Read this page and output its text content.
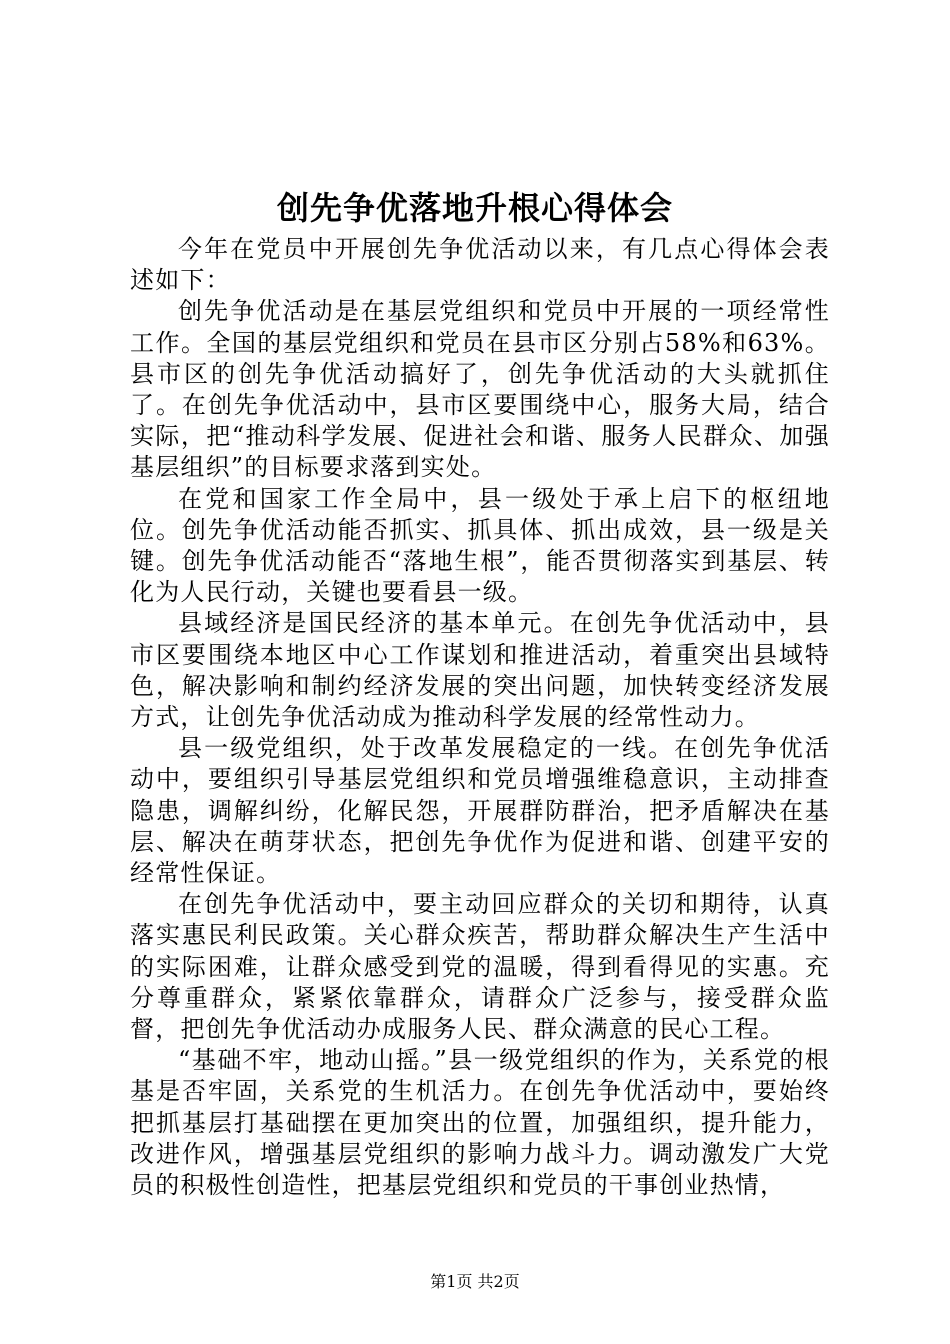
创先争优落地升根心得体会

今年在党员中开展创先争优活动以来，有几点心得体会表述如下：

创先争优活动是在基层党组织和党员中开展的一项经常性工作。全国的基层党组织和党员在县市区分别占58%和63%。县市区的创先争优活动搞好了，创先争优活动的大头就抓住了。在创先争优活动中，县市区要围绕中心，服务大局，结合实际，把“推动科学发展、促进社会和谐、服务人民群众、加强基层组织”的目标要求落到实处。

在党和国家工作全局中，县一级处于承上启下的枢纽地位。创先争优活动能否抓实、抓具体、抓出成效，县一级是关键。创先争优活动能否“落地生根”，能否贯彻落实到基层、转化为人民行动，关键也要看县一级。

县域经济是国民经济的基本单元。在创先争优活动中，县市区要围绕本地区中心工作谋划和推进活动，着重突出县域特色，解决影响和制约经济发展的突出问题，加快转变经济发展方式，让创先争优活动成为推动科学发展的经常性动力。

县一级党组织，处于改革发展稳定的一线。在创先争优活动中，要组织引导基层党组织和党员增强维稳意识，主动排查隐患，调解纠纷，化解民怨，开展群防群治，把矛盾解决在基层、解决在萌芽状态，把创先争优作为促进和谐、创建平安的经常性保证。

在创先争优活动中，要主动回应群众的关切和期待，认真落实惠民利民政策。关心群众疾苦，帮助群众解决生产生活中的实际困难，让群众感受到党的温暖，得到看得见的实惠。充分尊重群众，紧紧依靠群众，请群众广泛参与，接受群众监督，把创先争优活动办成服务人民、群众满意的民心工程。

“基础不牢，地动山摇。”县一级党组织的作为，关系党的根基是否牢固，关系党的生机活力。在创先争优活动中，要始终把抓基层打基础摆在更加突出的位置，加强组织，提升能力，改进作风，增强基层党组织的影响力战斗力。调动激发广大党员的积极性创造性，把基层党组织和党员的干事创业热情，

第1页 共2页
